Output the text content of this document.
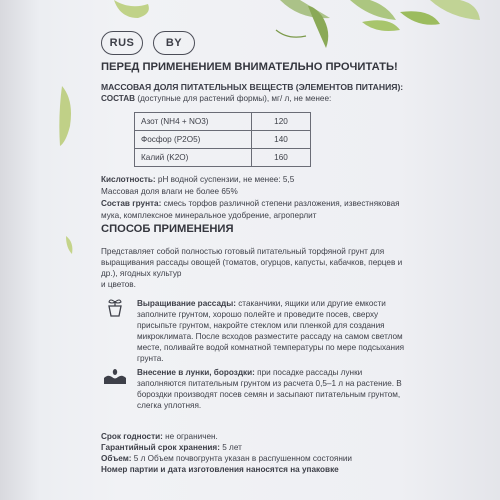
RUS	BY
ПЕРЕД ПРИМЕНЕНИЕМ ВНИМАТЕЛЬНО ПРОЧИТАТЬ!
МАССОВАЯ ДОЛЯ ПИТАТЕЛЬНЫХ ВЕЩЕСТВ (ЭЛЕМЕНТОВ ПИТАНИЯ):
СОСТАВ (доступные для растений формы), мг/ л, не менее:
Азот (NH4 + NO3)	120
Фосфор (P2O5)	140
Калий (K2O)	160
Кислотность: pH водной суспензии, не менее: 5,5
Массовая доля влаги не более 65%
Состав грунта: смесь торфов различной степени разложения, известняковая
мука, комплексное минеральное удобрение, агроперлит
СПОСОБ ПРИМЕНЕНИЯ
Представляет собой полностью готовый питательный торфяной грунт для
выращивания рассады овощей (томатов, огурцов, капусты, кабачков, перцев и
др.), ягодных культур
и цветов.
Выращивание рассады: стаканчики, ящики или другие емкости
заполните грунтом, хорошо полейте и проведите посев, сверху
присыпьте грунтом, накройте стеклом или пленкой для создания
микроклимата. После всходов разместите рассаду на самом светлом
месте, поливайте водой комнатной температуры по мере подсыхания
грунта.
Внесение в лунки, бороздки: при посадке рассады лунки
заполняются питательным грунтом из расчета 0,5–1 л на растение. В
бороздки производят посев семян и засыпают питательным грунтом,
слегка уплотняя.
Срок годности: не ограничен.
Гарантийный срок хранения: 5 лет
Объем: 5 л Объем почвогрунта указан в распушенном состоянии
Номер партии и дата изготовления наносятся на упаковке
